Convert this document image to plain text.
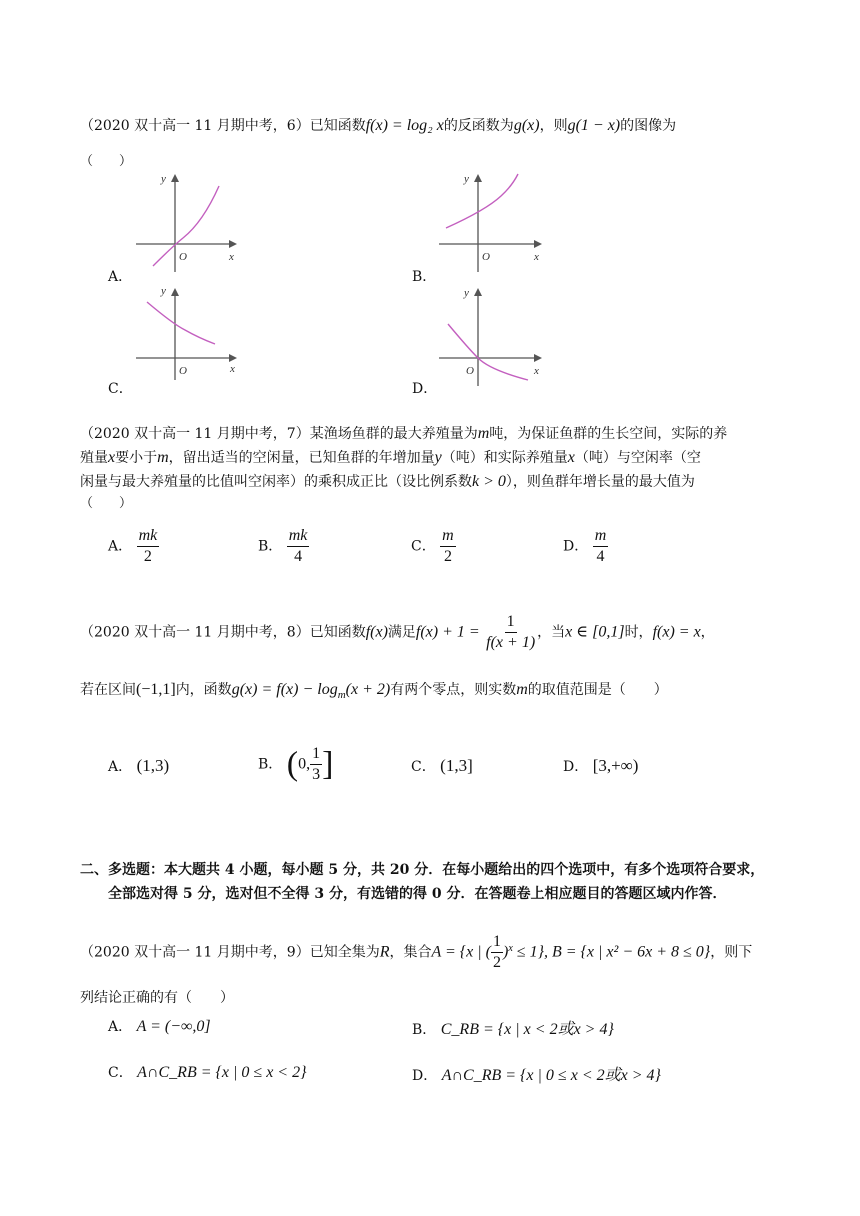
（2020 双十高一 11 月期中考，6）已知函数f(x) = log₂ x的反函数为g(x)，则g(1 − x)的图像为
（　　）
A．	B．
C．	D．
y
x
O
y
x
O
y
x
O
y
x
O
（2020 双十高一 11 月期中考，7）某渔场鱼群的最大养殖量为m吨，为保证鱼群的生长空间，实际的养
殖量x要小于m，留出适当的空闲量，已知鱼群的年增加量y（吨）和实际养殖量x（吨）与空闲率（空
闲量与最大养殖量的比值叫空闲率）的乘积成正比（设比例系数k > 0），则鱼群年增长量的最大值为
（　　）
A． $\frac{mk}{2}$	B． $\frac{mk}{4}$	C． $\frac{m}{2}$	D． $\frac{m}{4}$
（2020 双十高一 11 月期中考，8）已知函数f(x)满足$f(x) + 1 = \frac{1}{f(x + 1)}$ ，当x ∈ [0,1]时，f(x) = x，
若在区间(−1,1]内，函数$g(x) = f(x) - \log_m(x + 2)$有两个零点，则实数m的取值范围是（　　）
A． (1,3)	B． (0, $\frac{1}{3}$ ]	C． (1,3]	D． [3,+∞)
二、多选题：本大题共 4 小题，每小题 5 分，共 20 分．在每小题给出的四个选项中，有多个选项符合要求，
全部选对得 5 分，选对但不全得 3 分，有选错的得 0 分．在答题卷上相应题目的答题区域内作答．
（2020 双十高一 11 月期中考，9）已知全集为R，集合A = {x | ( $\frac{1}{2} )^x \le 1$}, B = {x | x² − 6x + 8 ≤ 0}，则下
列结论正确的有（　　）
A． A = (−∞,0]	B． C_RB = {x | x < 2或x > 4}
C． A∩C_RB = {x | 0 ≤ x < 2}	D． A∩C_RB = {x | 0 ≤ x < 2或x > 4}
